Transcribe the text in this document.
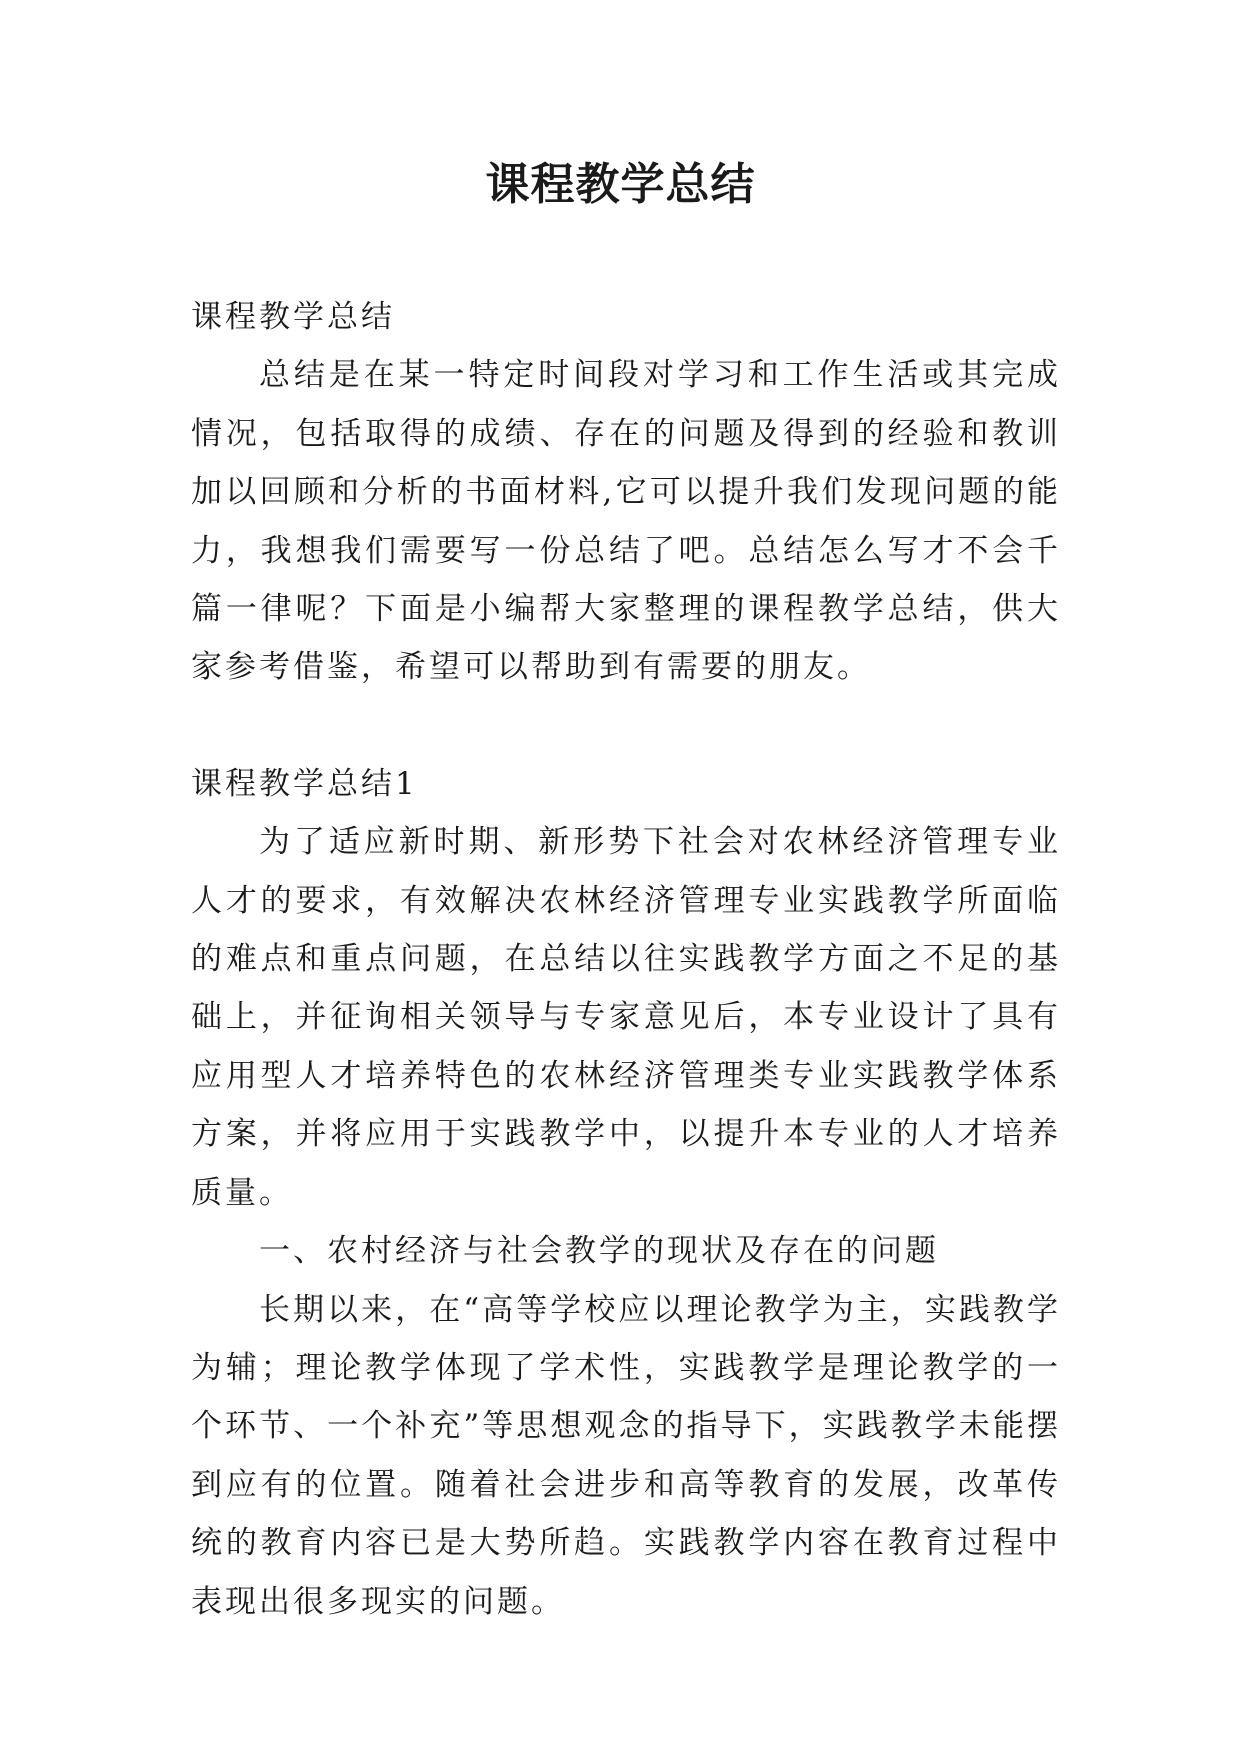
课程教学总结

课程教学总结

总结是在某一特定时间段对学习和工作生活或其完成情况，包括取得的成绩、存在的问题及得到的经验和教训加以回顾和分析的书面材料,它可以提升我们发现问题的能力，我想我们需要写一份总结了吧。总结怎么写才不会千篇一律呢？下面是小编帮大家整理的课程教学总结，供大家参考借鉴，希望可以帮助到有需要的朋友。

课程教学总结1

为了适应新时期、新形势下社会对农林经济管理专业人才的要求，有效解决农林经济管理专业实践教学所面临的难点和重点问题，在总结以往实践教学方面之不足的基础上，并征询相关领导与专家意见后，本专业设计了具有应用型人才培养特色的农林经济管理类专业实践教学体系方案，并将应用于实践教学中，以提升本专业的人才培养质量。

一、农村经济与社会教学的现状及存在的问题

长期以来，在“高等学校应以理论教学为主，实践教学为辅；理论教学体现了学术性，实践教学是理论教学的一个环节、一个补充”等思想观念的指导下，实践教学未能摆到应有的位置。随着社会进步和高等教育的发展，改革传统的教育内容已是大势所趋。实践教学内容在教育过程中表现出很多现实的问题。
